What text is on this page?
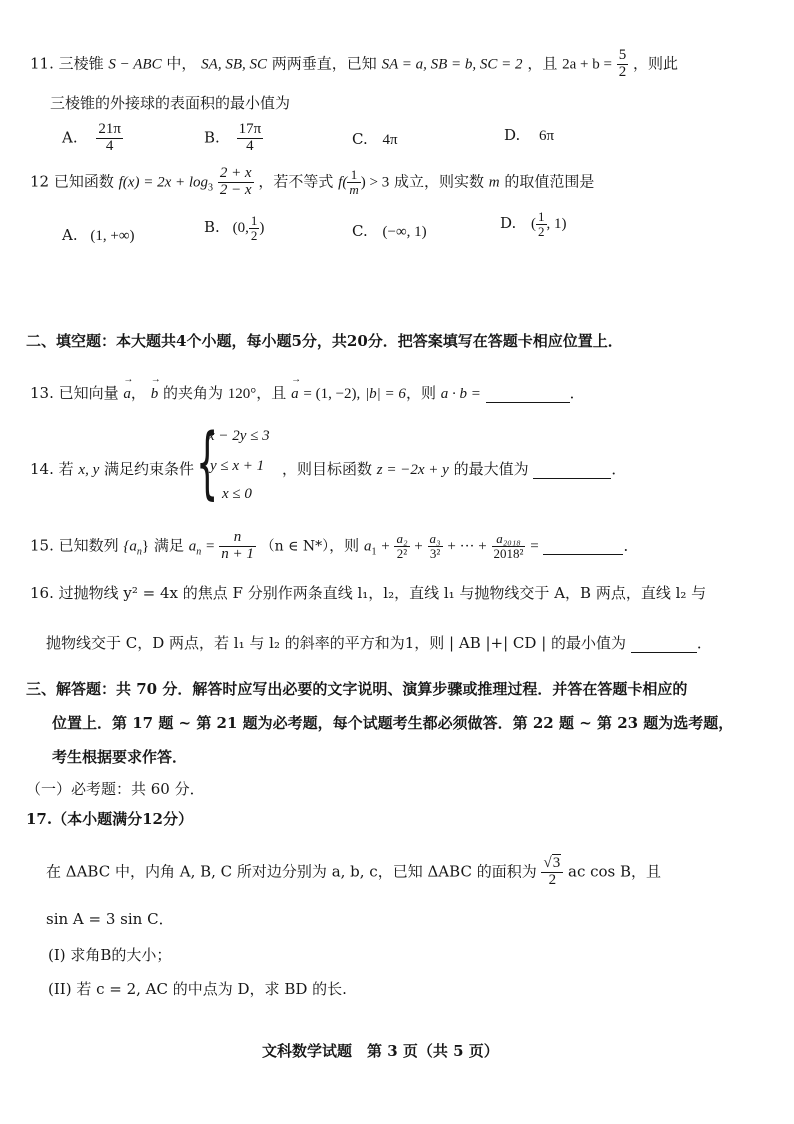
11. 三棱锥 S − ABC 中， SA, SB, SC 两两垂直，已知 SA = a, SB = b, SC = 2 ，且 $2a + b = \frac{5}{2}$ ，则此
三棱锥的外接球的表面积的最小值为
A. $\frac{21\pi}{4}$	B. $\frac{17\pi}{4}$	C. 4π	D. 6π
12 已知函数 $f(x) = 2x + \log_3 \frac{2 + x}{2 - x}$ ，若不等式 $f( \frac{1}{m}$ ) > 3 成立，则实数 m 的取值范围是
A. (1, +∞)	B. (0, $\frac{1}{2}$ )	C. (−∞, 1)	D. ( $\frac{1}{2}$ , 1)
二、填空题：本大题共4个小题，每小题5分，共20分．把答案填写在答题卡相应位置上．
13. 已知向量 → a， → b 的夹角为 120°，且 → a = (1, −2), |b| = 6，则 a · b =	．
14. 若 x, y 满足约束条件 {
x − 2y ≤ 3
y ≤ x + 1
x ≤ 0
，则目标函数 z = −2x + y 的最大值为	．
15. 已知数列 $\{a_n\}$ 满足 $a_n = \frac{n}{n + 1} (n$ ∈ N*），则 $a_1 + \frac{\text{a₂}}{\text{2²}} + \frac{\text{a₃}}{\text{3²}}$ + ··· + $\frac{\text{a₂₀₁₈}}{\text{2018²}}$ =	．
16. 过抛物线 y² = 4x 的焦点 F 分别作两条直线 l₁，l₂，直线 l₁ 与抛物线交于 A，B 两点，直线 l₂ 与
抛物线交于 C，D 两点，若 l₁ 与 l₂ 的斜率的平方和为1，则 | AB |+| CD | 的最小值为	．
三、解答题：共 70 分．解答时应写出必要的文字说明、演算步骤或推理过程．并答在答题卡相应的
位置上．第 17 题 ~ 第 21 题为必考题，每个试题考生都必须做答．第 22 题 ~ 第 23 题为选考题，
考生根据要求作答．
（一）必考题：共 60 分．
17.（本小题满分12分）
在 ΔABC 中，内角 A, B, C 所对边分别为 a, b, c，已知 ΔABC 的面积为 $\frac{√3}{2}$ ac cos B，且
sin A = 3 sin C．
(I) 求角B的大小；
(II) 若 c = 2, AC 的中点为 D，求 BD 的长.
文科数学试题　第 3 页（共 5 页）
